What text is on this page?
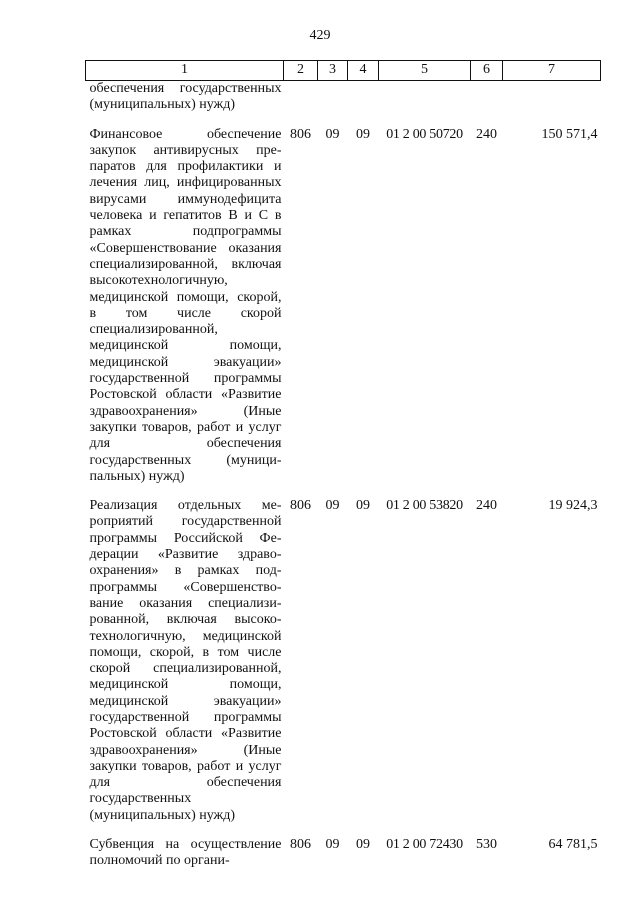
429
1	2	3	4	5	6	7
обеспечения государственных (муниципальных) нужд)						
Финансовое обеспечение закупок антивирусных препаратов для профилактики и лечения лиц, инфицированных вирусами иммунодефицита человека и гепатитов В и С в рамках подпрограммы «Совершенствование оказания специализированной, включая высокотехнологичную, медицинской помощи, скорой, в том числе скорой специализированной, медицинской помощи, медицинской эвакуации» государственной программы Ростовской области «Развитие здравоохранения» (Иные закупки товаров, работ и услуг для обеспечения государственных (муниципальных) нужд)	806	09	09	01 2 00 50720	240	150 571,4
Реализация отдельных мероприятий государственной программы Российской Федерации «Развитие здравоохранения» в рамках подпрограммы «Совершенствование оказания специализированной, включая высокотехнологичную, медицинской помощи, скорой, в том числе скорой специализированной, медицинской помощи, медицинской эвакуации» государственной программы Ростовской области «Развитие здравоохранения» (Иные закупки товаров, работ и услуг для обеспечения государственных (муниципальных) нужд)	806	09	09	01 2 00 53820	240	19 924,3
Субвенция на осуществление полномочий по органи-	806	09	09	01 2 00 72430	530	64 781,5
